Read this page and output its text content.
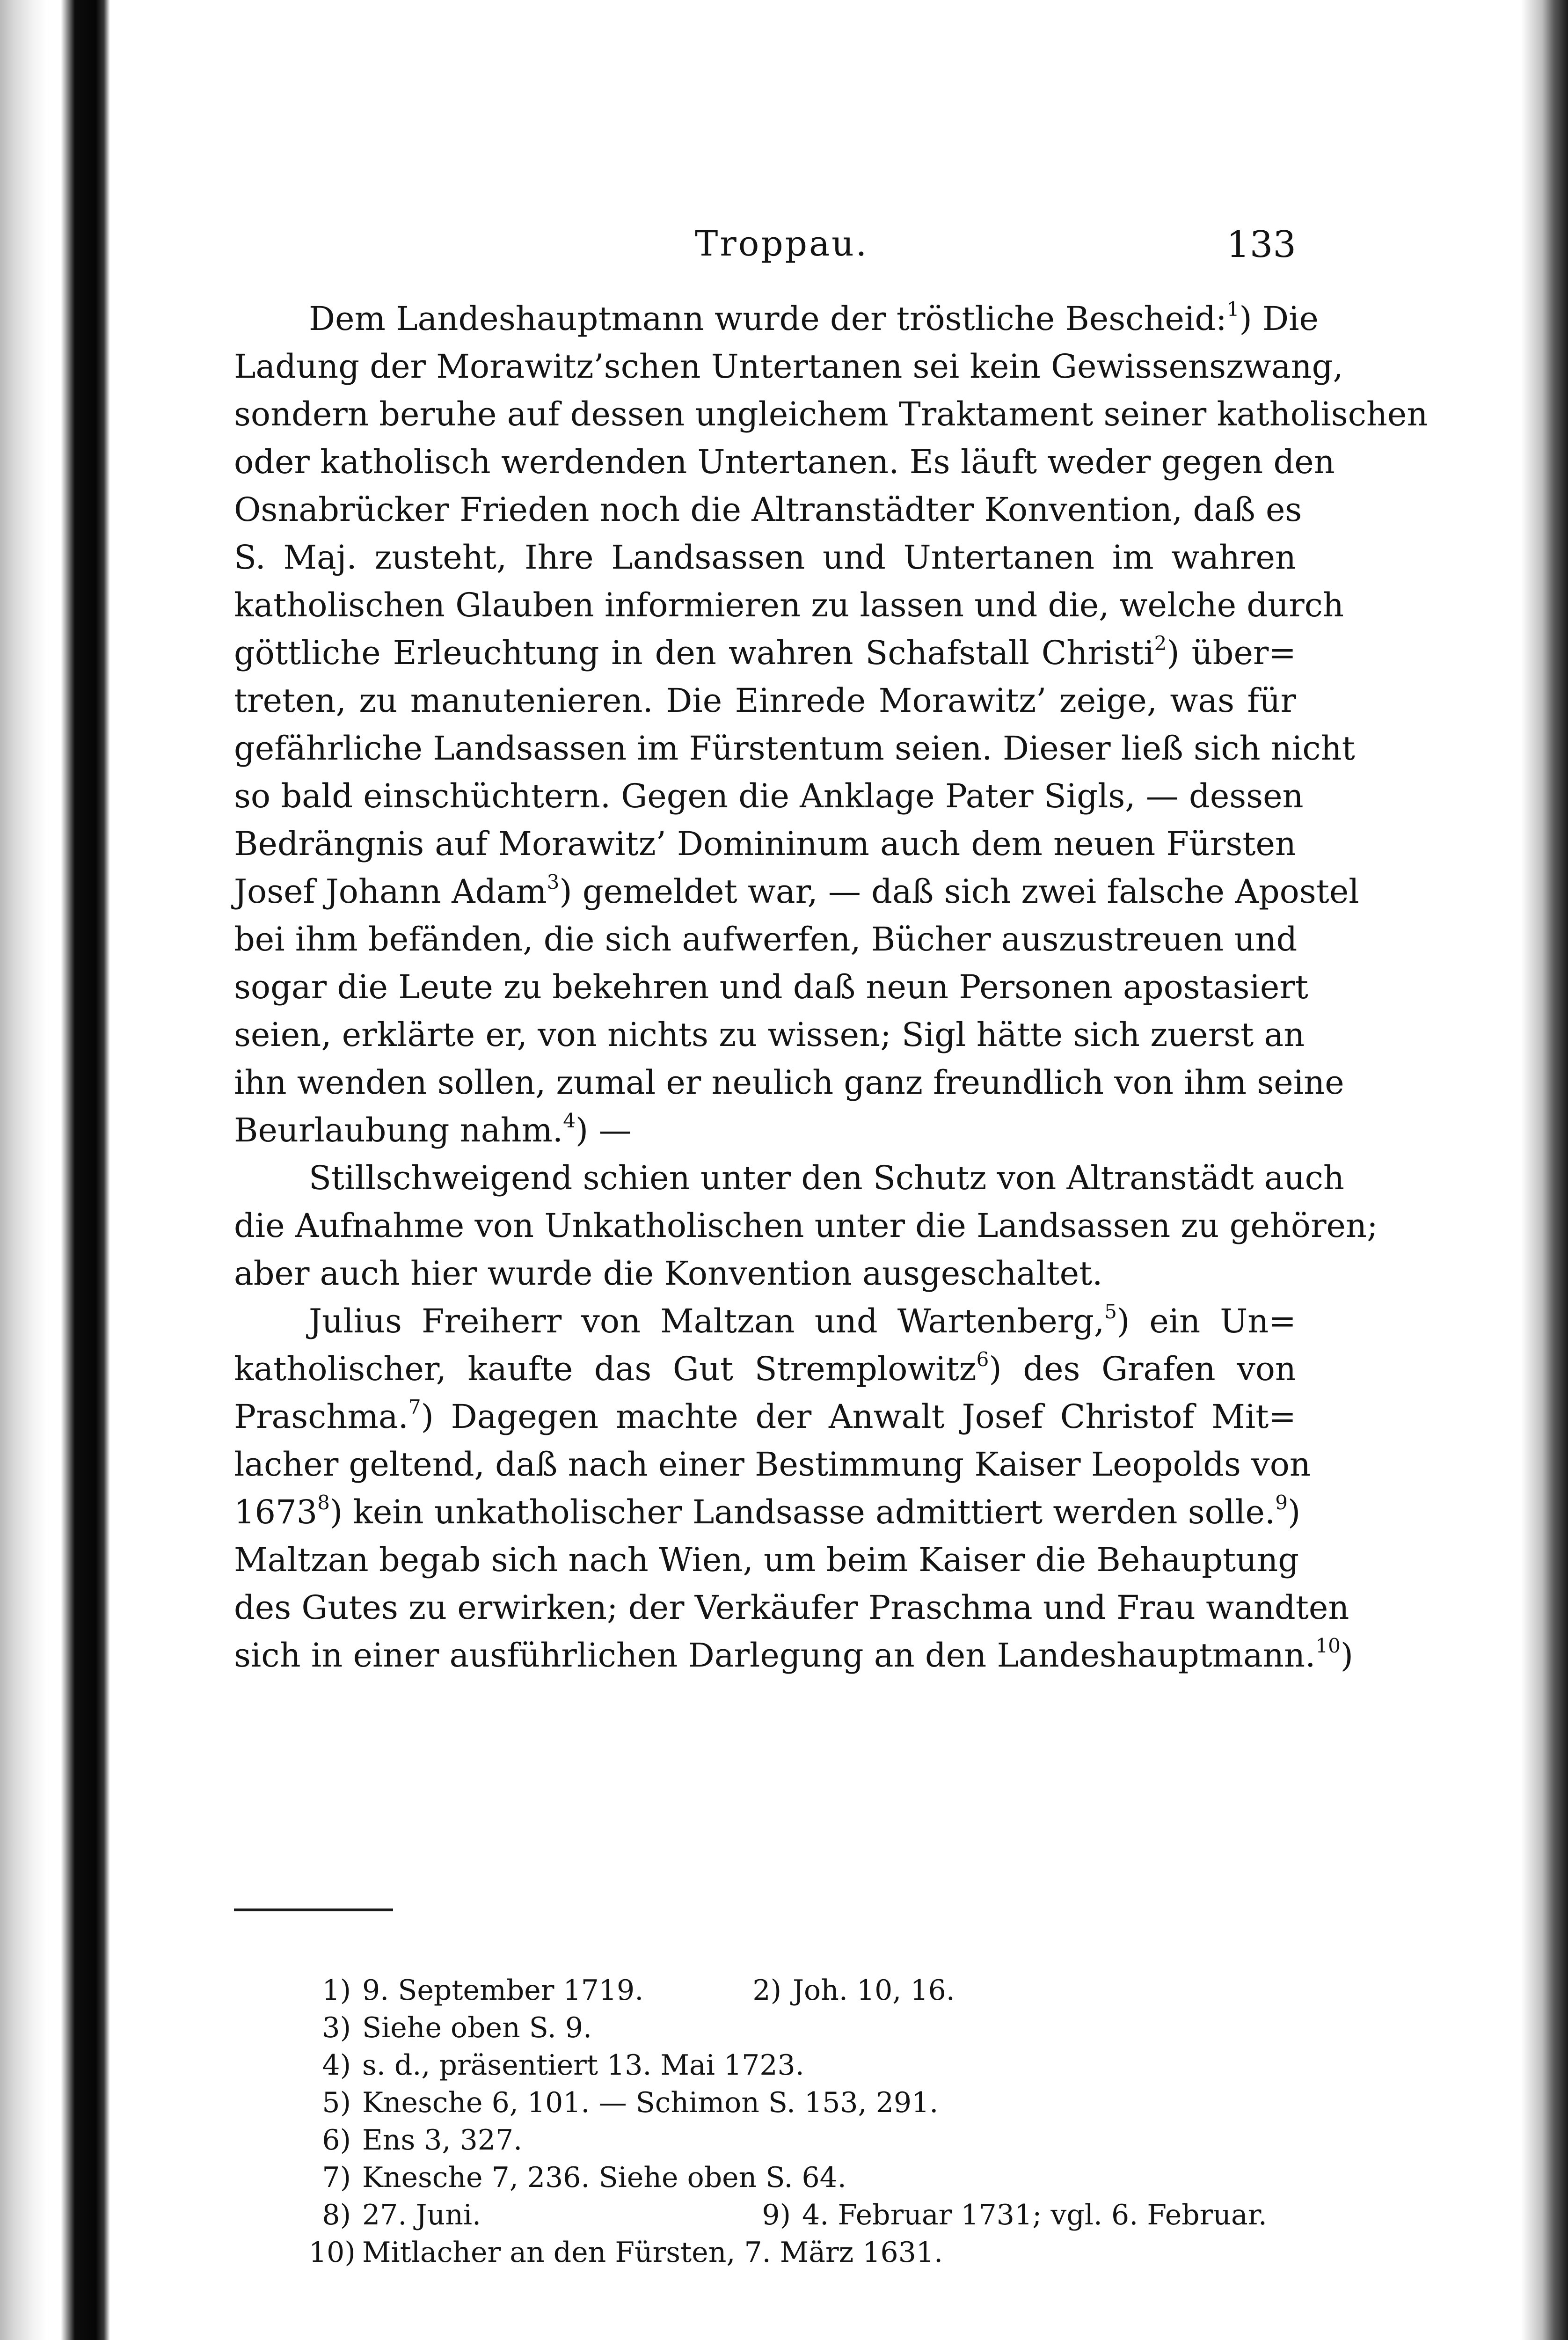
Troppau.	133
Dem Landeshauptmann wurde der tröstliche Bescheid:$^1$) Die
Ladung der Morawitz’schen Untertanen sei kein Gewissenszwang,
sondern beruhe auf dessen ungleichem Traktament seiner katholischen
oder katholisch werdenden Untertanen. Es läuft weder gegen den
Osnabrücker Frieden noch die Altranstädter Konvention, daß es
S. Maj. zusteht, Ihre Landsassen und Untertanen im wahren
katholischen Glauben informieren zu lassen und die, welche durch
göttliche Erleuchtung in den wahren Schafstall Christi$^2$) über=
treten, zu manutenieren. Die Einrede Morawitz’ zeige, was für
gefährliche Landsassen im Fürstentum seien. Dieser ließ sich nicht
so bald einschüchtern. Gegen die Anklage Pater Sigls, — dessen
Bedrängnis auf Morawitz’ Domininum auch dem neuen Fürsten
Josef Johann Adam$^3$) gemeldet war, — daß sich zwei falsche Apostel
bei ihm befänden, die sich aufwerfen, Bücher auszustreuen und
sogar die Leute zu bekehren und daß neun Personen apostasiert
seien, erklärte er, von nichts zu wissen; Sigl hätte sich zuerst an
ihn wenden sollen, zumal er neulich ganz freundlich von ihm seine
Beurlaubung nahm.$^4$) —
Stillschweigend schien unter den Schutz von Altranstädt auch
die Aufnahme von Unkatholischen unter die Landsassen zu gehören;
aber auch hier wurde die Konvention ausgeschaltet.
Julius Freiherr von Maltzan und Wartenberg,$^5$) ein Un=
katholischer, kaufte das Gut Stremplowitz$^6$) des Grafen von
Praschma.$^7$) Dagegen machte der Anwalt Josef Christof Mit=
lacher geltend, daß nach einer Bestimmung Kaiser Leopolds von
1673$^8$) kein unkatholischer Landsasse admittiert werden solle.$^9$)
Maltzan begab sich nach Wien, um beim Kaiser die Behauptung
des Gutes zu erwirken; der Verkäufer Praschma und Frau wandten
sich in einer ausführlichen Darlegung an den Landeshauptmann.$^{10}$)
1) 9. September 1719.	2) Joh. 10, 16.
3) Siehe oben S. 9.
4) s. d., präsentiert 13. Mai 1723.
5) Knesche 6, 101. — Schimon S. 153, 291.
6) Ens 3, 327.
7) Knesche 7, 236. Siehe oben S. 64.
8) 27. Juni.	9) 4. Februar 1731; vgl. 6. Februar.
10) Mitlacher an den Fürsten, 7. März 1631.
